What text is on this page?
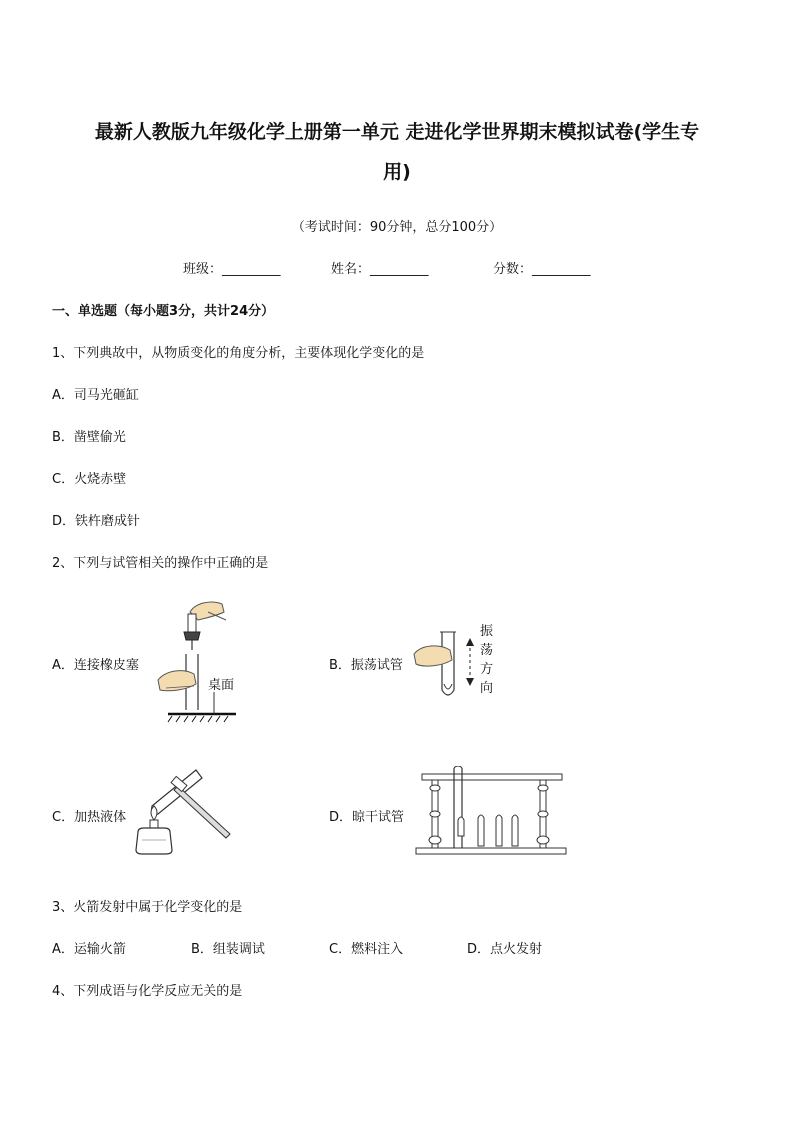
最新人教版九年级化学上册第一单元 走进化学世界期末模拟试卷(学生专
用)
（考试时间：90分钟，总分100分）
班级：_________	姓名：_________	分数：_________
一、单选题（每小题3分，共计24分）
1、下列典故中，从物质变化的角度分析，主要体现化学变化的是
A．司马光砸缸
B．凿壁偷光
C．火烧赤壁
D．铁杵磨成针
2、下列与试管相关的操作中正确的是
A．连接橡皮塞	B．振荡试管
C．加热液体	D．晾干试管
桌面
振
荡
方
向
3、火箭发射中属于化学变化的是
A．运输火箭	B．组装调试	C．燃料注入	D．点火发射
4、下列成语与化学反应无关的是
